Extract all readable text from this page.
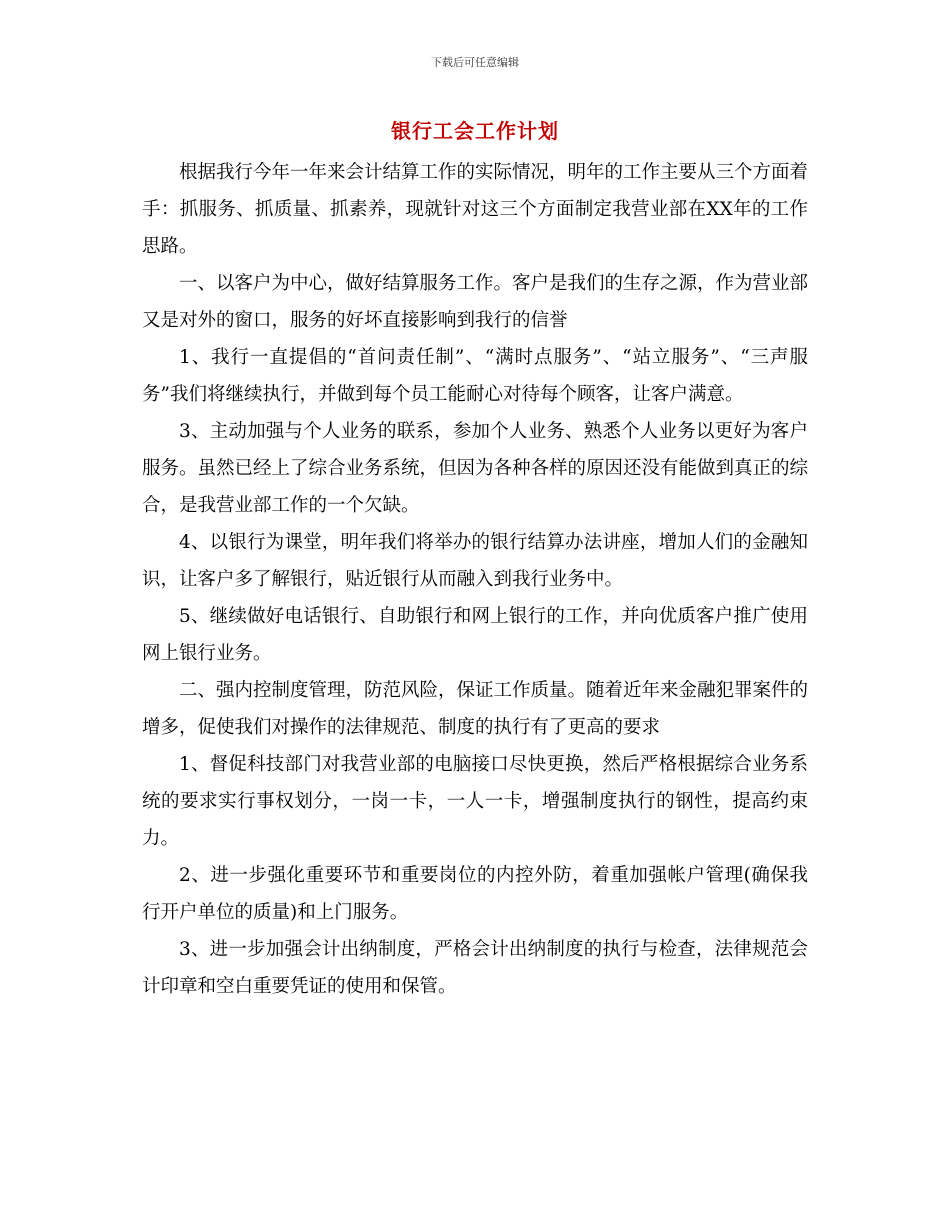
下载后可任意编辑
银行工会工作计划

根据我行今年一年来会计结算工作的实际情况，明年的工作主要从三个方面着手：抓服务、抓质量、抓素养，现就针对这三个方面制定我营业部在XX年的工作思路。

一、以客户为中心，做好结算服务工作。客户是我们的生存之源，作为营业部又是对外的窗口，服务的好坏直接影响到我行的信誉

1、我行一直提倡的“首问责任制”、“满时点服务”、“站立服务”、“三声服务”我们将继续执行，并做到每个员工能耐心对待每个顾客，让客户满意。

3、主动加强与个人业务的联系，参加个人业务、熟悉个人业务以更好为客户服务。虽然已经上了综合业务系统，但因为各种各样的原因还没有能做到真正的综合，是我营业部工作的一个欠缺。

4、以银行为课堂，明年我们将举办的银行结算办法讲座，增加人们的金融知识，让客户多了解银行，贴近银行从而融入到我行业务中。

5、继续做好电话银行、自助银行和网上银行的工作，并向优质客户推广使用网上银行业务。

二、强内控制度管理，防范风险，保证工作质量。随着近年来金融犯罪案件的增多，促使我们对操作的法律规范、制度的执行有了更高的要求

1、督促科技部门对我营业部的电脑接口尽快更换，然后严格根据综合业务系统的要求实行事权划分，一岗一卡，一人一卡，增强制度执行的钢性，提高约束力。

2、进一步强化重要环节和重要岗位的内控外防，着重加强帐户管理(确保我行开户单位的质量)和上门服务。

3、进一步加强会计出纳制度，严格会计出纳制度的执行与检查，法律规范会计印章和空白重要凭证的使用和保管。
